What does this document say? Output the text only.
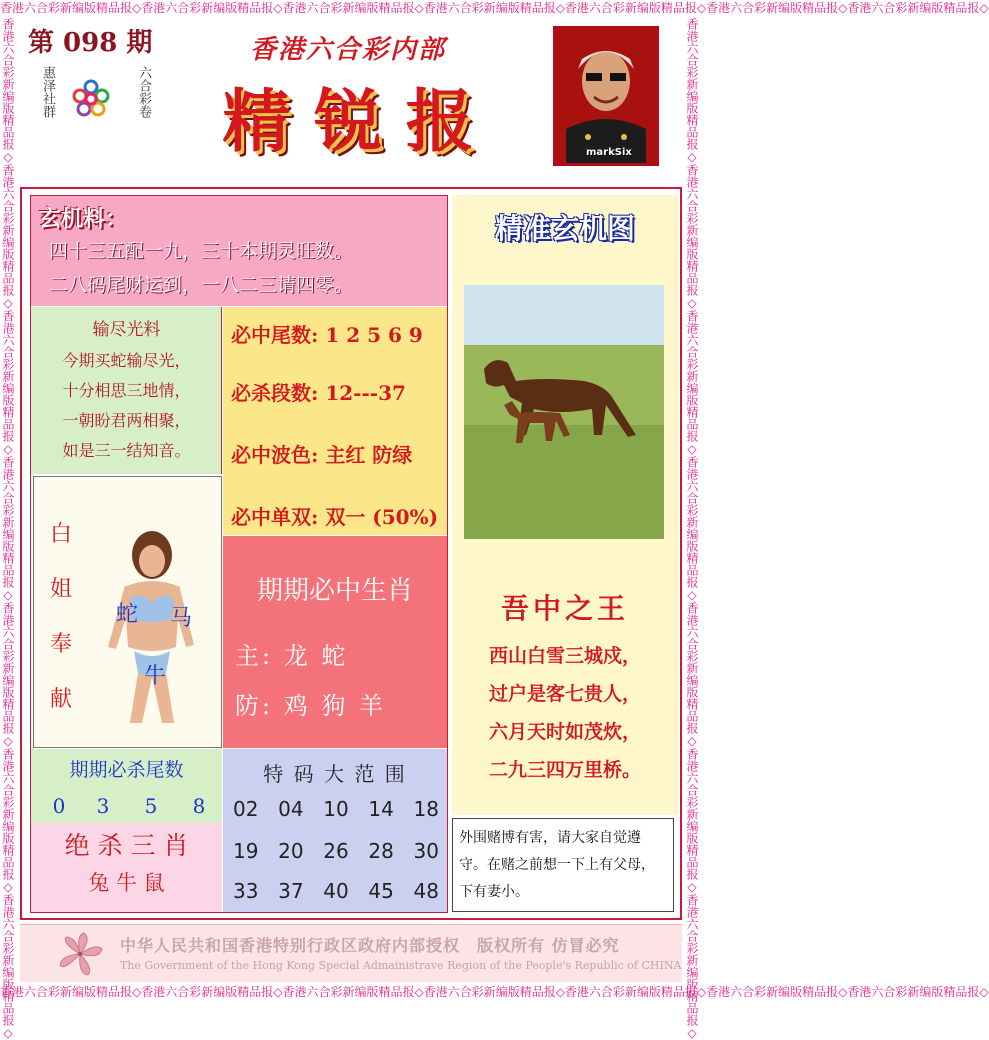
香港六合彩新编版精品报◇香港六合彩新编版精品报◇香港六合彩新编版精品报◇香港六合彩新编版精品报◇香港六合彩新编版精品报◇香港六合彩新编版精品报◇香港六合彩新编版精品报◇
香港六合彩新编版精品报◇香港六合彩新编版精品报◇香港六合彩新编版精品报◇香港六合彩新编版精品报◇香港六合彩新编版精品报◇香港六合彩新编版精品报◇香港六合彩新编版精品报◇
香港六合彩新编版精品报◇香港六合彩新编版精品报◇香港六合彩新编版精品报◇香港六合彩新编版精品报◇香港六合彩新编版精品报◇香港六合彩新编版精品报◇香港六合彩新编版精品报◇	香港六合彩新编版精品报◇香港六合彩新编版精品报◇香港六合彩新编版精品报◇香港六合彩新编版精品报◇香港六合彩新编版精品报◇香港六合彩新编版精品报◇香港六合彩新编版精品报◇
第 098 期
惠泽社群	六合彩卷
香港六合彩内部
精 锐 报	markSix
玄机料：
四十三五配一九，三十本期灵旺数。
二八码尾财运到，一八二三请四零。
输尽光料
今期买蛇输尽光，
十分相思三地情，
一朝盼君两相聚，
如是三一结知音。
必中尾数: 1 2 5 6 9
必杀段数: 12---37
必中波色: 主红 防绿
必中单双: 双一 (50%)
白
姐
奉
献
蛇 马
牛
期期必中生肖
主: 龙 蛇
防: 鸡 狗 羊
期期必杀尾数
0	3	5	8
绝 杀 三 肖
兔 牛 鼠
特 码 大 范 围
02 04 10 14 18
19 20 26 28 30
33 37 40 45 48
精准玄机图
吾中之王
西山白雪三城戍，
过户是客七贵人，
六月天时如茂炊，
二九三四万里桥。
外围赌博有害，请大家自觉遵守。在赌之前想一下上有父母，下有妻小。
中华人民共和国香港特别行政区政府内部授权　版权所有 仿冒必究
The Government of the Hong Kong Special Admainistrave Region of the People's Republic of CHINA
